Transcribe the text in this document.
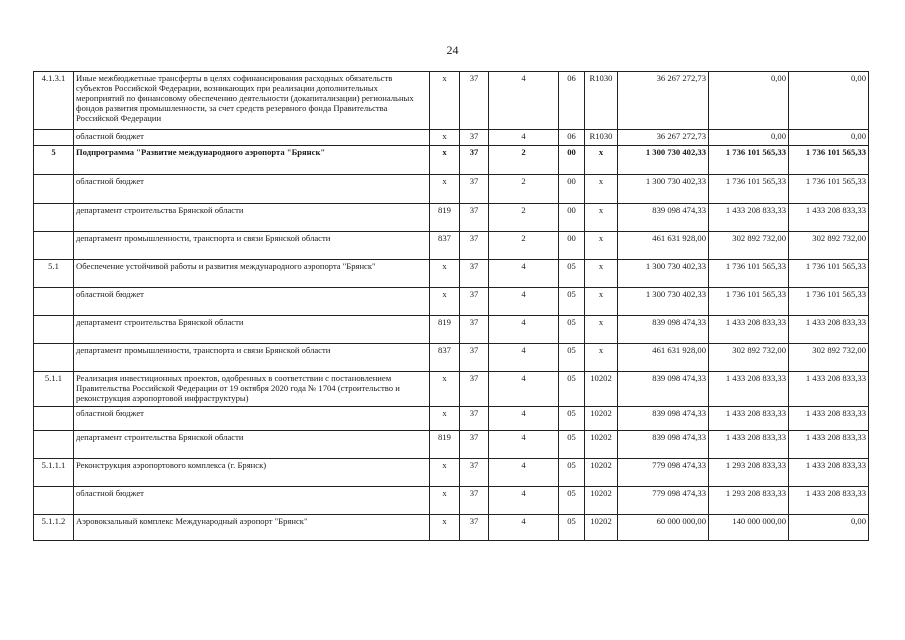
24
4.1.3.1	Иные межбюджетные трансферты в целях софинансирования расходных обязательств субъектов Российской Федерации, возникающих при реализации дополнительных мероприятий по финансовому обеспечению деятельности (докапитализации) региональных фондов развития промышленности, за счет средств резервного фонда Правительства Российской Федерации	x	37	4	06	R1030	36 267 272,73	0,00	0,00
	областной бюджет	x	37	4	06	R1030	36 267 272,73	0,00	0,00
5	Подпрограмма "Развитие международного аэропорта "Брянск"	x	37	2	00	x	1 300 730 402,33	1 736 101 565,33	1 736 101 565,33
	областной бюджет	x	37	2	00	x	1 300 730 402,33	1 736 101 565,33	1 736 101 565,33
	департамент строительства Брянской области	819	37	2	00	x	839 098 474,33	1 433 208 833,33	1 433 208 833,33
	департамент промышленности, транспорта и связи Брянской области	837	37	2	00	x	461 631 928,00	302 892 732,00	302 892 732,00
5.1	Обеспечение устойчивой работы и развития международного аэропорта "Брянск"	x	37	4	05	x	1 300 730 402,33	1 736 101 565,33	1 736 101 565,33
	областной бюджет	x	37	4	05	x	1 300 730 402,33	1 736 101 565,33	1 736 101 565,33
	департамент строительства Брянской области	819	37	4	05	x	839 098 474,33	1 433 208 833,33	1 433 208 833,33
	департамент промышленности, транспорта и связи Брянской области	837	37	4	05	x	461 631 928,00	302 892 732,00	302 892 732,00
5.1.1	Реализация инвестиционных проектов, одобренных в соответствии с постановлением Правительства Российской Федерации от 19 октября 2020 года № 1704 (строительство и реконструкция аэропортовой инфраструктуры)	x	37	4	05	10202	839 098 474,33	1 433 208 833,33	1 433 208 833,33
	областной бюджет	x	37	4	05	10202	839 098 474,33	1 433 208 833,33	1 433 208 833,33
	департамент строительства Брянской области	819	37	4	05	10202	839 098 474,33	1 433 208 833,33	1 433 208 833,33
5.1.1.1	Реконструкция аэропортового комплекса (г. Брянск)	x	37	4	05	10202	779 098 474,33	1 293 208 833,33	1 433 208 833,33
	областной бюджет	x	37	4	05	10202	779 098 474,33	1 293 208 833,33	1 433 208 833,33
5.1.1.2	Аэровокзальный комплекс Международный аэропорт "Брянск"	x	37	4	05	10202	60 000 000,00	140 000 000,00	0,00
